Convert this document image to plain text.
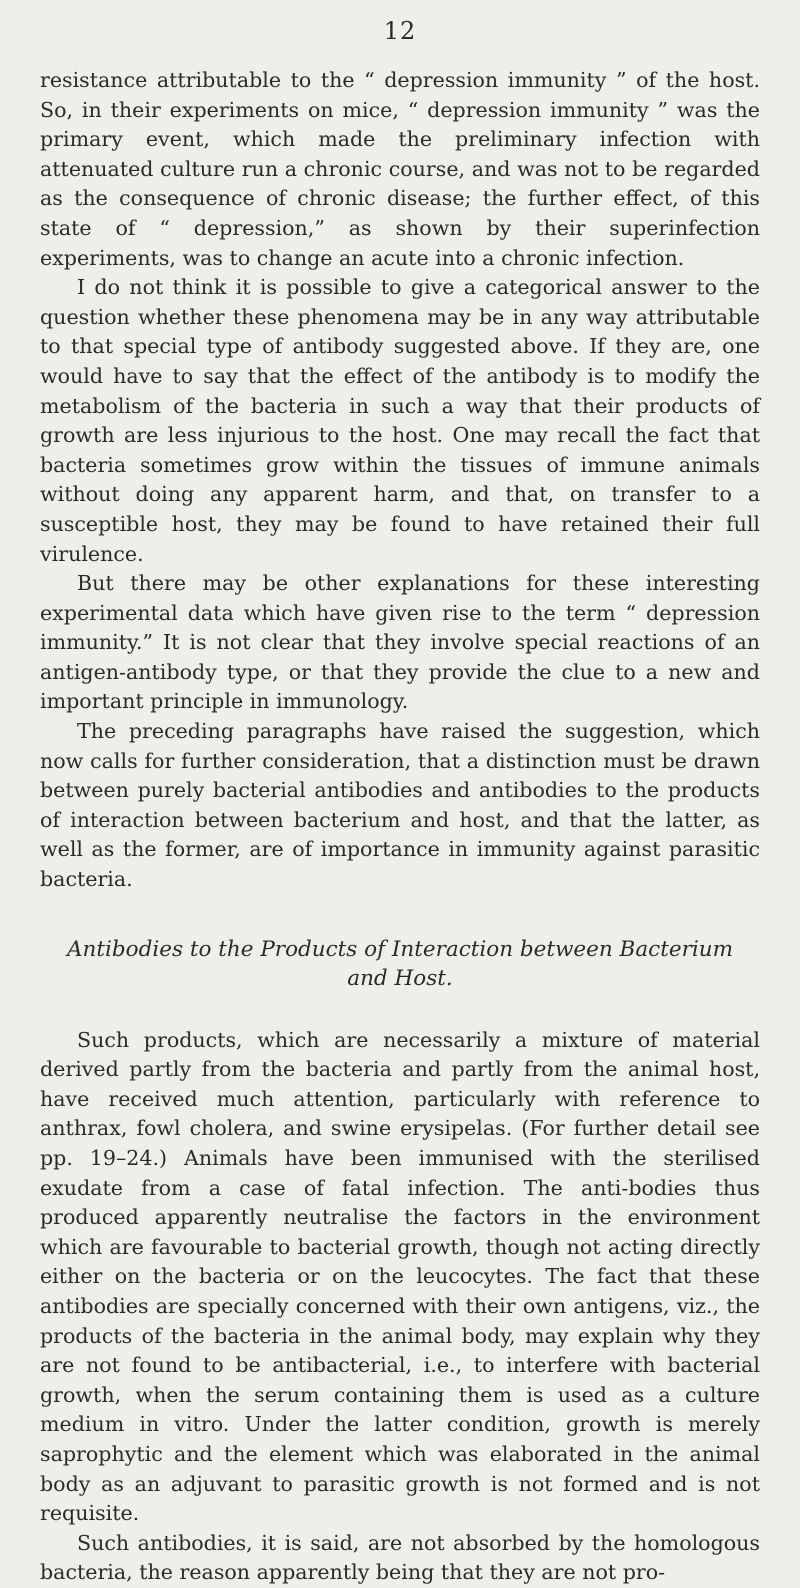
12

resistance attributable to the “ depression immunity ” of the host. So, in their experiments on mice, “ depression immunity ” was the primary event, which made the preliminary infection with attenuated culture run a chronic course, and was not to be regarded as the consequence of chronic disease; the further effect, of this state of “ depression,” as shown by their superinfection experiments, was to change an acute into a chronic infection.

I do not think it is possible to give a categorical answer to the question whether these phenomena may be in any way attributable to that special type of antibody suggested above. If they are, one would have to say that the effect of the antibody is to modify the metabolism of the bacteria in such a way that their products of growth are less injurious to the host. One may recall the fact that bacteria sometimes grow within the tissues of immune animals without doing any apparent harm, and that, on transfer to a susceptible host, they may be found to have retained their full virulence.

But there may be other explanations for these interesting experimental data which have given rise to the term “ depression immunity.” It is not clear that they involve special reactions of an antigen-antibody type, or that they provide the clue to a new and important principle in immunology.

The preceding paragraphs have raised the suggestion, which now calls for further consideration, that a distinction must be drawn between purely bacterial antibodies and antibodies to the products of interaction between bacterium and host, and that the latter, as well as the former, are of importance in immunity against parasitic bacteria.

Antibodies to the Products of Interaction between Bacterium
and Host.

Such products, which are necessarily a mixture of material derived partly from the bacteria and partly from the animal host, have received much attention, particularly with reference to anthrax, fowl cholera, and swine erysipelas. (For further detail see pp. 19–24.) Animals have been immunised with the sterilised exudate from a case of fatal infection. The anti-bodies thus produced apparently neutralise the factors in the environment which are favourable to bacterial growth, though not acting directly either on the bacteria or on the leucocytes. The fact that these antibodies are specially concerned with their own antigens, viz., the products of the bacteria in the animal body, may explain why they are not found to be antibacterial, i.e., to interfere with bacterial growth, when the serum containing them is used as a culture medium in vitro. Under the latter condition, growth is merely saprophytic and the element which was elaborated in the animal body as an adjuvant to parasitic growth is not formed and is not requisite.

Such antibodies, it is said, are not absorbed by the homologous bacteria, the reason apparently being that they are not pro-
